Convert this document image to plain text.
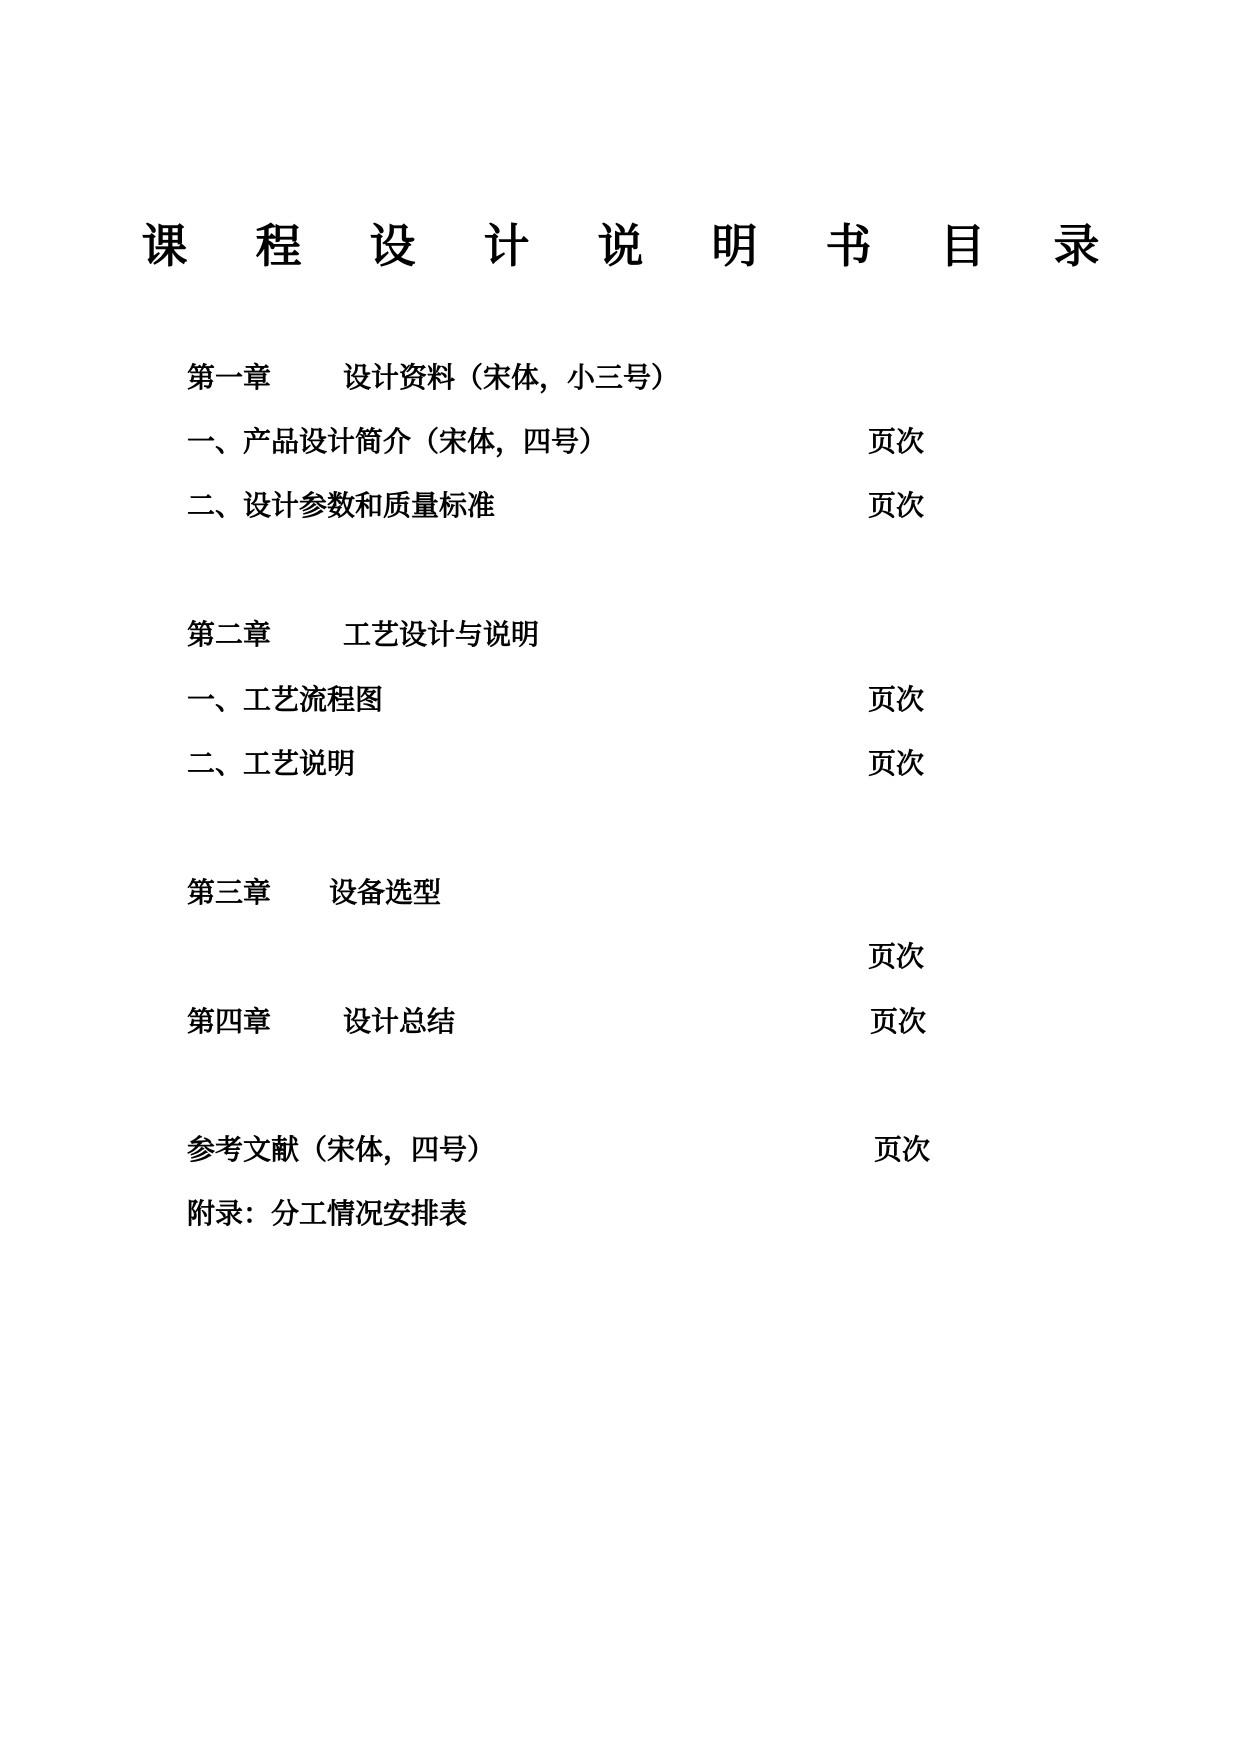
课 程 设 计 说 明 书 目 录
第一章	设计资料（宋体，小三号）
一、产品设计简介（宋体，四号）	页次
二、设计参数和质量标准	页次
第二章	工艺设计与说明
一、工艺流程图	页次
二、工艺说明	页次
第三章 设备选型
页次
第四章	设计总结	页次
参考文献（宋体，四号）	页次
附录：分工情况安排表
